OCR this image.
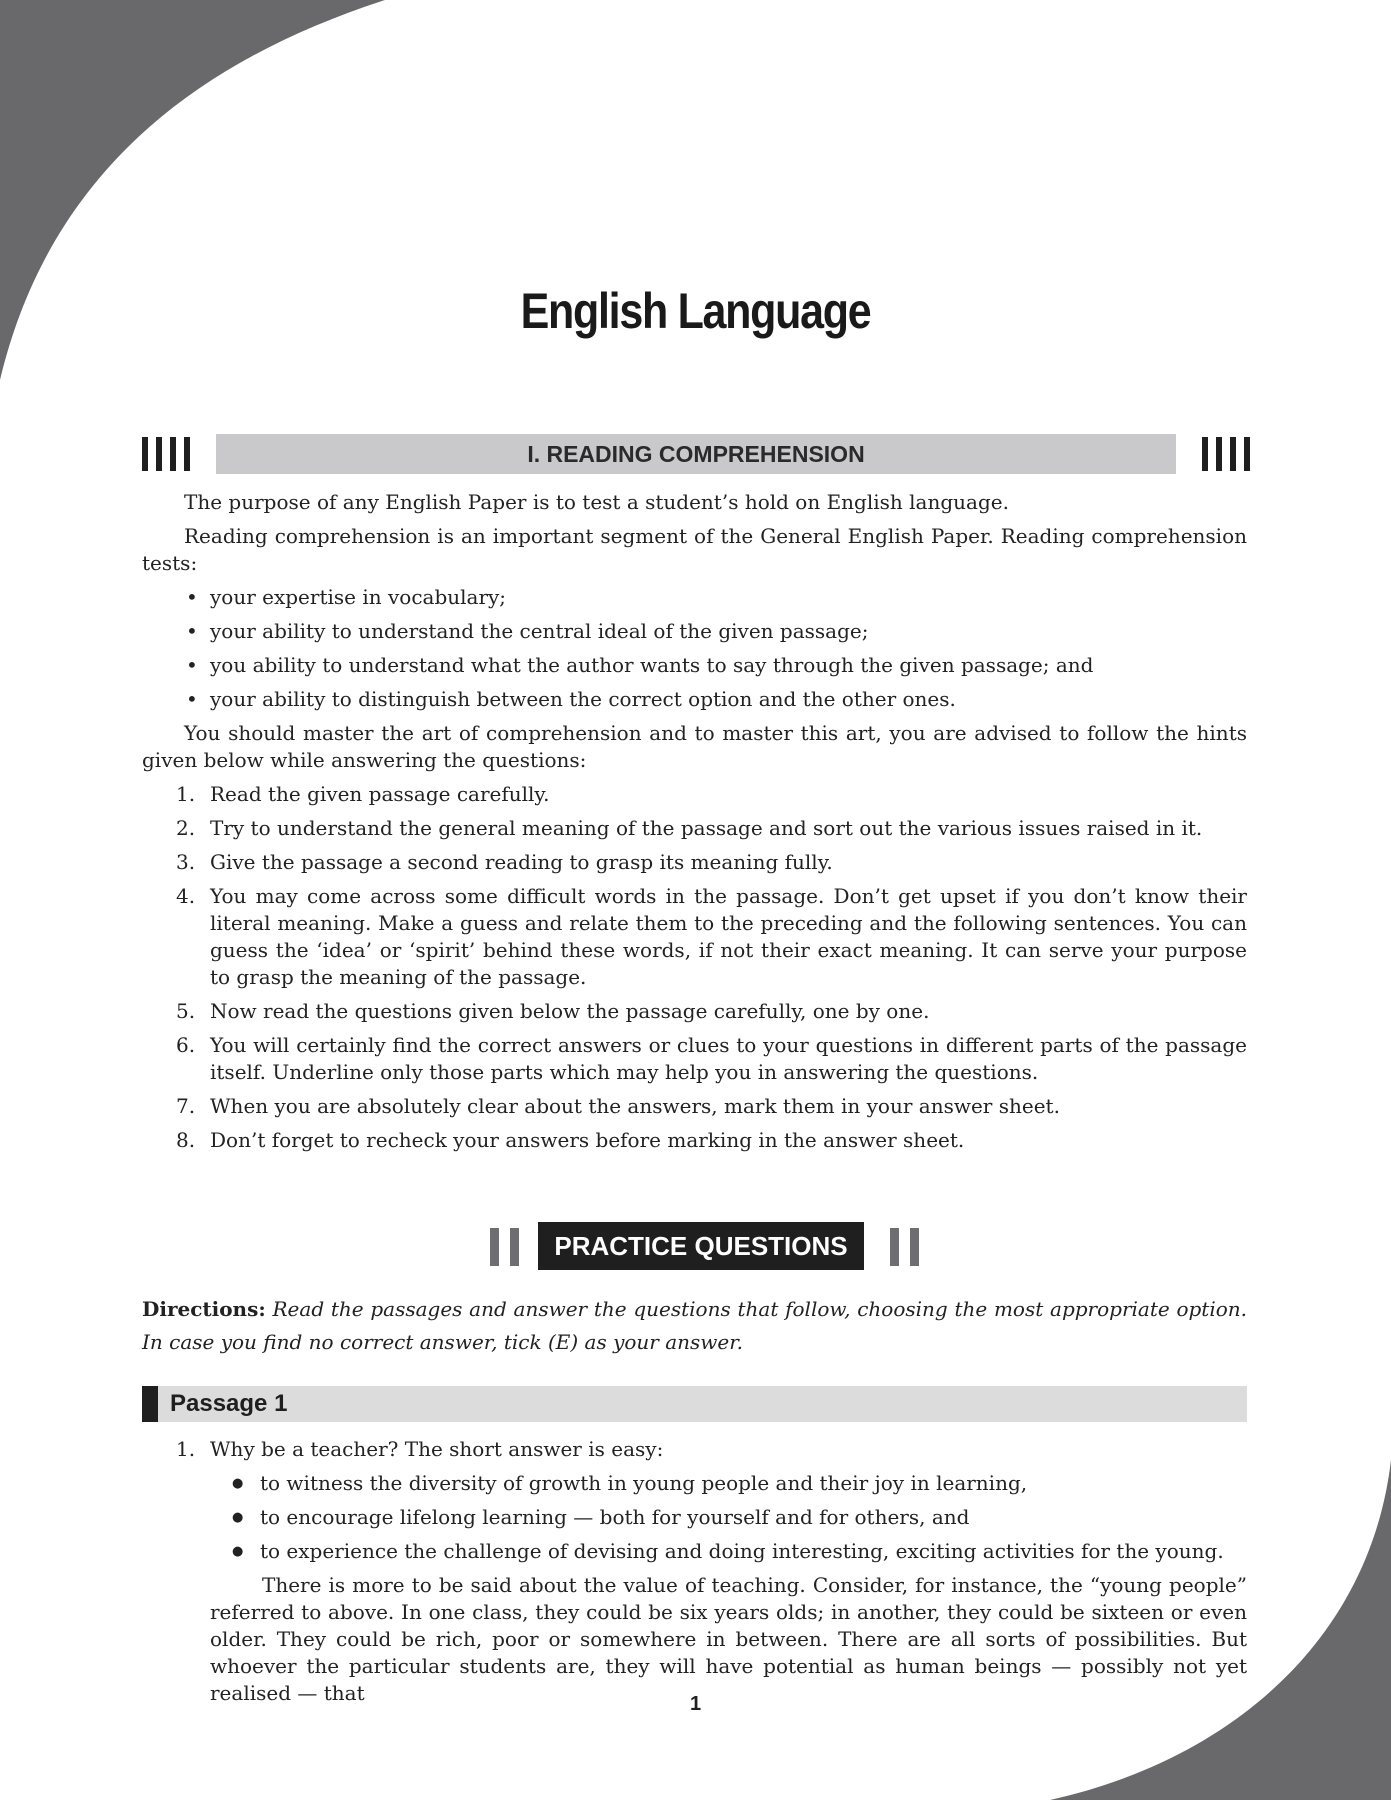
English Language
I. READING COMPREHENSION

The purpose of any English Paper is to test a student’s hold on English language.

Reading comprehension is an important segment of the General English Paper. Reading comprehension tests:

• your expertise in vocabulary;
• your ability to understand the central ideal of the given passage;
• you ability to understand what the author wants to say through the given passage; and
• your ability to distinguish between the correct option and the other ones.

You should master the art of comprehension and to master this art, you are advised to follow the hints given below while answering the questions:

1. Read the given passage carefully.
2. Try to understand the general meaning of the passage and sort out the various issues raised in it.
3. Give the passage a second reading to grasp its meaning fully.
4. You may come across some difficult words in the passage. Don’t get upset if you don’t know their literal meaning. Make a guess and relate them to the preceding and the following sentences. You can guess the ‘idea’ or ‘spirit’ behind these words, if not their exact meaning. It can serve your purpose to grasp the meaning of the passage.
5. Now read the questions given below the passage carefully, one by one.
6. You will certainly find the correct answers or clues to your questions in different parts of the passage itself. Underline only those parts which may help you in answering the questions.
7. When you are absolutely clear about the answers, mark them in your answer sheet.
8. Don’t forget to recheck your answers before marking in the answer sheet.
PRACTICE QUESTIONS
Directions: Read the passages and answer the questions that follow, choosing the most appropriate option. In case you find no correct answer, tick (E) as your answer.
Passage 1
1. Why be a teacher? The short answer is easy:
● to witness the diversity of growth in young people and their joy in learning,
● to encourage lifelong learning — both for yourself and for others, and
● to experience the challenge of devising and doing interesting, exciting activities for the young.

There is more to be said about the value of teaching. Consider, for instance, the “young people” referred to above. In one class, they could be six years olds; in another, they could be sixteen or even older. They could be rich, poor or somewhere in between. There are all sorts of possibilities. But whoever the particular students are, they will have potential as human beings — possibly not yet realised — that	1
